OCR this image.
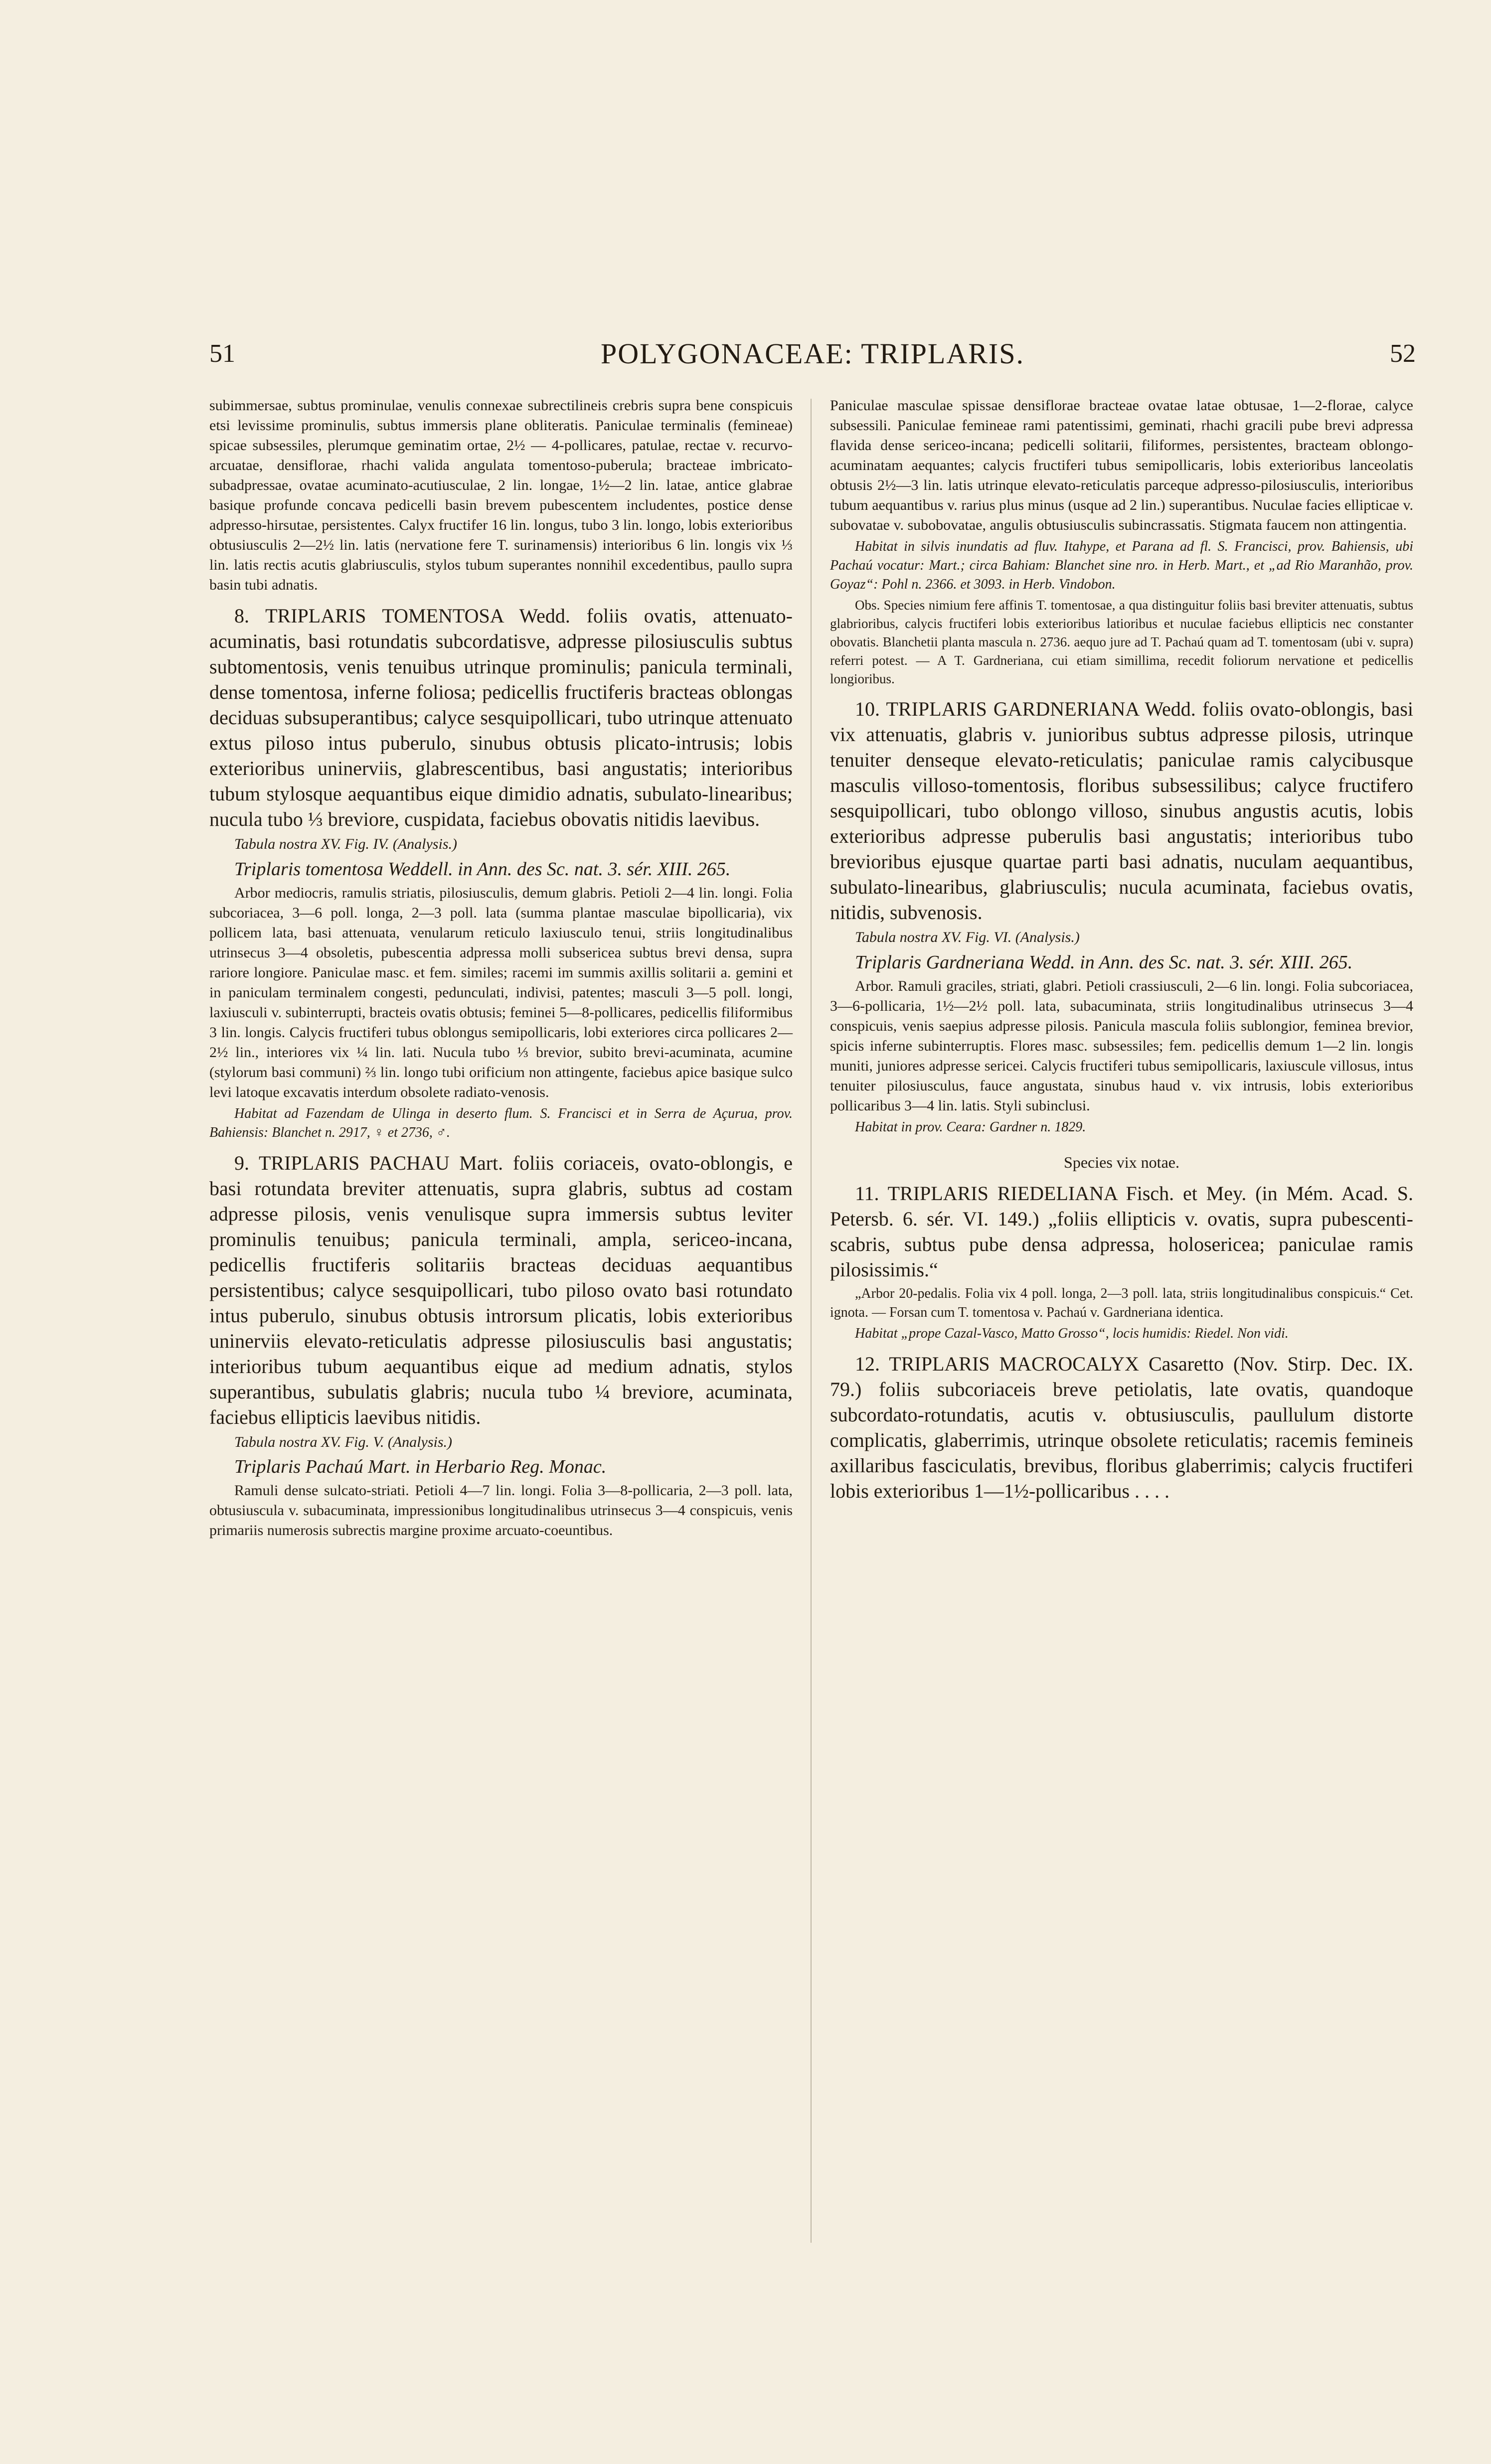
51	POLYGONACEAE: TRIPLARIS.	52

subimmersae, subtus prominulae, venulis connexae subrectilineis crebris supra bene conspicuis etsi levissime prominulis, subtus immersis plane obliteratis. Paniculae terminalis (femineae) spicae subsessiles, plerumque geminatim ortae, 2½ — 4-pollicares, patulae, rectae v. recurvo-arcuatae, densiflorae, rhachi valida angulata tomentoso-puberula; bracteae imbricato-subadpressae, ovatae acuminato-acutiusculae, 2 lin. longae, 1½—2 lin. latae, antice glabrae basique profunde concava pedicelli basin brevem pubescentem includentes, postice dense adpresso-hirsutae, persistentes. Calyx fructifer 16 lin. longus, tubo 3 lin. longo, lobis exterioribus obtusiusculis 2—2½ lin. latis (nervatione fere T. surinamensis) interioribus 6 lin. longis vix ⅓ lin. latis rectis acutis glabriusculis, stylos tubum superantes nonnihil excedentibus, paullo supra basin tubi adnatis.

8. TRIPLARIS TOMENTOSA Wedd. foliis ovatis, attenuato-acuminatis, basi rotundatis subcordatisve, adpresse pilosiusculis subtus subtomentosis, venis tenuibus utrinque prominulis; panicula terminali, dense tomentosa, inferne foliosa; pedicellis fructiferis bracteas oblongas deciduas subsuperantibus; calyce sesquipollicari, tubo utrinque attenuato extus piloso intus puberulo, sinubus obtusis plicato-intrusis; lobis exterioribus uninerviis, glabrescentibus, basi angustatis; interioribus tubum stylosque aequantibus eique dimidio adnatis, subulato-linearibus; nucula tubo ⅓ breviore, cuspidata, faciebus obovatis nitidis laevibus.

Tabula nostra XV. Fig. IV. (Analysis.)

Triplaris tomentosa Weddell. in Ann. des Sc. nat. 3. sér. XIII. 265.

Arbor mediocris, ramulis striatis, pilosiusculis, demum glabris. Petioli 2—4 lin. longi. Folia subcoriacea, 3—6 poll. longa, 2—3 poll. lata (summa plantae masculae bipollicaria), vix pollicem lata, basi attenuata, venularum reticulo laxiusculo tenui, striis longitudinalibus utrinsecus 3—4 obsoletis, pubescentia adpressa molli subsericea subtus brevi densa, supra rariore longiore. Paniculae masc. et fem. similes; racemi im summis axillis solitarii a. gemini et in paniculam terminalem congesti, pedunculati, indivisi, patentes; masculi 3—5 poll. longi, laxiusculi v. subinterrupti, bracteis ovatis obtusis; feminei 5—8-pollicares, pedicellis filiformibus 3 lin. longis. Calycis fructiferi tubus oblongus semipollicaris, lobi exteriores circa pollicares 2—2½ lin., interiores vix ¼ lin. lati. Nucula tubo ⅓ brevior, subito brevi-acuminata, acumine (stylorum basi communi) ⅔ lin. longo tubi orificium non attingente, faciebus apice basique sulco levi latoque excavatis interdum obsolete radiato-venosis.

Habitat ad Fazendam de Ulinga in deserto flum. S. Francisci et in Serra de Açurua, prov. Bahiensis: Blanchet n. 2917, ♀ et 2736, ♂.

9. TRIPLARIS PACHAU Mart. foliis coriaceis, ovato-oblongis, e basi rotundata breviter attenuatis, supra glabris, subtus ad costam adpresse pilosis, venis venulisque supra immersis subtus leviter prominulis tenuibus; panicula terminali, ampla, sericeo-incana, pedicellis fructiferis solitariis bracteas deciduas aequantibus persistentibus; calyce sesquipollicari, tubo piloso ovato basi rotundato intus puberulo, sinubus obtusis introrsum plicatis, lobis exterioribus uninerviis elevato-reticulatis adpresse pilosiusculis basi angustatis; interioribus tubum aequantibus eique ad medium adnatis, stylos superantibus, subulatis glabris; nucula tubo ¼ breviore, acuminata, faciebus ellipticis laevibus nitidis.

Tabula nostra XV. Fig. V. (Analysis.)

Triplaris Pachaú Mart. in Herbario Reg. Monac.

Ramuli dense sulcato-striati. Petioli 4—7 lin. longi. Folia 3—8-pollicaria, 2—3 poll. lata, obtusiuscula v. subacuminata, impressionibus longitudinalibus utrinsecus 3—4 conspicuis, venis primariis numerosis subrectis margine proxime arcuato-coeuntibus.

Paniculae masculae spissae densiflorae bracteae ovatae latae obtusae, 1—2-florae, calyce subsessili. Paniculae femineae rami patentissimi, geminati, rhachi gracili pube brevi adpressa flavida dense sericeo-incana; pedicelli solitarii, filiformes, persistentes, bracteam oblongo-acuminatam aequantes; calycis fructiferi tubus semipollicaris, lobis exterioribus lanceolatis obtusis 2½—3 lin. latis utrinque elevato-reticulatis parceque adpresso-pilosiusculis, interioribus tubum aequantibus v. rarius plus minus (usque ad 2 lin.) superantibus. Nuculae facies ellipticae v. subovatae v. subobovatae, angulis obtusiusculis subincrassatis. Stigmata faucem non attingentia.

Habitat in silvis inundatis ad fluv. Itahype, et Parana ad fl. S. Francisci, prov. Bahiensis, ubi Pachaú vocatur: Mart.; circa Bahiam: Blanchet sine nro. in Herb. Mart., et „ad Rio Maranhão, prov. Goyaz“: Pohl n. 2366. et 3093. in Herb. Vindobon.

Obs. Species nimium fere affinis T. tomentosae, a qua distinguitur foliis basi breviter attenuatis, subtus glabrioribus, calycis fructiferi lobis exterioribus latioribus et nuculae faciebus ellipticis nec constanter obovatis. Blanchetii planta mascula n. 2736. aequo jure ad T. Pachaú quam ad T. tomentosam (ubi v. supra) referri potest. — A T. Gardneriana, cui etiam simillima, recedit foliorum nervatione et pedicellis longioribus.

10. TRIPLARIS GARDNERIANA Wedd. foliis ovato-oblongis, basi vix attenuatis, glabris v. junioribus subtus adpresse pilosis, utrinque tenuiter denseque elevato-reticulatis; paniculae ramis calycibusque masculis villoso-tomentosis, floribus subsessilibus; calyce fructifero sesquipollicari, tubo oblongo villoso, sinubus angustis acutis, lobis exterioribus adpresse puberulis basi angustatis; interioribus tubo brevioribus ejusque quartae parti basi adnatis, nuculam aequantibus, subulato-linearibus, glabriusculis; nucula acuminata, faciebus ovatis, nitidis, subvenosis.

Tabula nostra XV. Fig. VI. (Analysis.)

Triplaris Gardneriana Wedd. in Ann. des Sc. nat. 3. sér. XIII. 265.

Arbor. Ramuli graciles, striati, glabri. Petioli crassiusculi, 2—6 lin. longi. Folia subcoriacea, 3—6-pollicaria, 1½—2½ poll. lata, subacuminata, striis longitudinalibus utrinsecus 3—4 conspicuis, venis saepius adpresse pilosis. Panicula mascula foliis sublongior, feminea brevior, spicis inferne subinterruptis. Flores masc. subsessiles; fem. pedicellis demum 1—2 lin. longis muniti, juniores adpresse sericei. Calycis fructiferi tubus semipollicaris, laxiuscule villosus, intus tenuiter pilosiusculus, fauce angustata, sinubus haud v. vix intrusis, lobis exterioribus pollicaribus 3—4 lin. latis. Styli subinclusi.

Habitat in prov. Ceara: Gardner n. 1829.

Species vix notae.

11. TRIPLARIS RIEDELIANA Fisch. et Mey. (in Mém. Acad. S. Petersb. 6. sér. VI. 149.) „foliis ellipticis v. ovatis, supra pubescenti-scabris, subtus pube densa adpressa, holosericea; paniculae ramis pilosissimis.“

„Arbor 20-pedalis. Folia vix 4 poll. longa, 2—3 poll. lata, striis longitudinalibus conspicuis.“ Cet. ignota. — Forsan cum T. tomentosa v. Pachaú v. Gardneriana identica.

Habitat „prope Cazal-Vasco, Matto Grosso“, locis humidis: Riedel. Non vidi.

12. TRIPLARIS MACROCALYX Casaretto (Nov. Stirp. Dec. IX. 79.) foliis subcoriaceis breve petiolatis, late ovatis, quandoque subcordato-rotundatis, acutis v. obtusiusculis, paullulum distorte complicatis, glaberrimis, utrinque obsolete reticulatis; racemis femineis axillaribus fasciculatis, brevibus, floribus glaberrimis; calycis fructiferi lobis exterioribus 1—1½-pollicaribus . . . .
